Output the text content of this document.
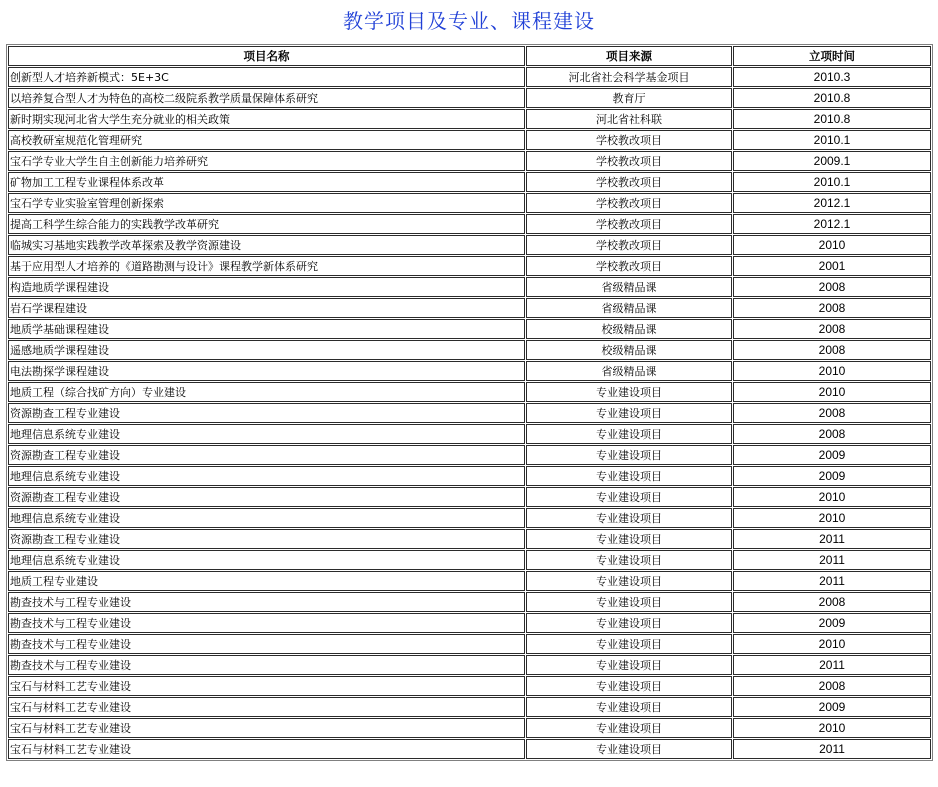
教学项目及专业、课程建设
项目名称	项目来源	立项时间
创新型人才培养新模式：5E+3C	河北省社会科学基金项目	2010.3
以培养复合型人才为特色的高校二级院系教学质量保障体系研究	教育厅	2010.8
新时期实现河北省大学生充分就业的相关政策	河北省社科联	2010.8
高校教研室规范化管理研究	学校教改项目	2010.1
宝石学专业大学生自主创新能力培养研究	学校教改项目	2009.1
矿物加工工程专业课程体系改革	学校教改项目	2010.1
宝石学专业实验室管理创新探索	学校教改项目	2012.1
提高工科学生综合能力的实践教学改革研究	学校教改项目	2012.1
临城实习基地实践教学改革探索及教学资源建设	学校教改项目	2010
基于应用型人才培养的《道路勘测与设计》课程教学新体系研究	学校教改项目	2001
构造地质学课程建设	省级精品课	2008
岩石学课程建设	省级精品课	2008
地质学基础课程建设	校级精品课	2008
遥感地质学课程建设	校级精品课	2008
电法勘探学课程建设	省级精品课	2010
地质工程（综合找矿方向）专业建设	专业建设项目	2010
资源勘查工程专业建设	专业建设项目	2008
地理信息系统专业建设	专业建设项目	2008
资源勘查工程专业建设	专业建设项目	2009
地理信息系统专业建设	专业建设项目	2009
资源勘查工程专业建设	专业建设项目	2010
地理信息系统专业建设	专业建设项目	2010
资源勘查工程专业建设	专业建设项目	2011
地理信息系统专业建设	专业建设项目	2011
地质工程专业建设	专业建设项目	2011
勘查技术与工程专业建设	专业建设项目	2008
勘查技术与工程专业建设	专业建设项目	2009
勘查技术与工程专业建设	专业建设项目	2010
勘查技术与工程专业建设	专业建设项目	2011
宝石与材料工艺专业建设	专业建设项目	2008
宝石与材料工艺专业建设	专业建设项目	2009
宝石与材料工艺专业建设	专业建设项目	2010
宝石与材料工艺专业建设	专业建设项目	2011
